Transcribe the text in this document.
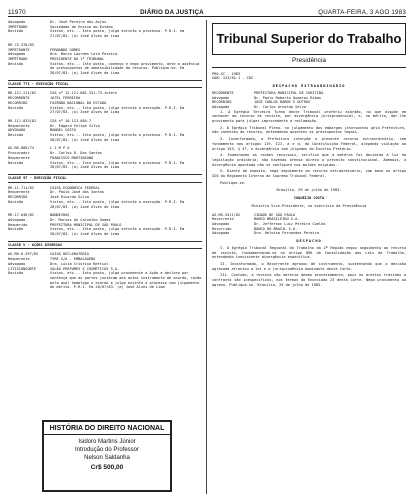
11970	DIÁRIO DA JUSTIÇA	QUARTA-FEIRA, 3 AGO 1983
Advogado	Dr. José Pereira dos Anjos
IMPETRADO	Sociedade de Ensino do Estado
Decisão	Vistos, etc... Isto posto, julgo extinto o processo. P.R.I. em 27/07/83. (a) José Alves de Lima
RR-72-378/83
IMPETRANTE	FERNANDO GOMES
Advogado	Dra. Maria Lourdes Lara Pereira
IMPETRADO	PRESIDENTE DO 1º TRIBUNAL
Decisão	Vistos, etc... Isto posto, conheço e nego provimento, ante a ausência de pressupostos de admissibilidade do recurso. Publique-se. Em 28/07/83. (a) José Alves de Lima
CLASSE 77I - EXECUÇÃO FISCAL
RR-121.211/82	CGA nº 12.121.881.331.73-intern
RECORRENTE	JATEL FERREIRA
RECORRIDO	FAZENDA NACIONAL DO ESTADO
Decisão	Vistos, etc... Isto posto, julgo extinta a execução. P.R.I. Em 27/07/83. (a) José Alves de Lima
RR-111.033/82	CGA nº 10.113.084-7
Requerente	Dr. Edgard Felipe Silva
ADVOGADO	MANOEL COSTA
Decisão	Vistos, etc... Isto posto, julgo extinto o processo. P.R.I. Em 28/07/83. (a) José Alves de Lima
AG-RR-888/74	L I M P O
Procurador	Dr. Carlos R. Dos Santos
Requerente	FRANCISCO MARTINIANO
Decisão	Vistos, etc... Isto posto, julgo extinto o processo. P.R.I. Em 28/07/83. (a) José Alves de Lima
CLASSE 97 - EXECUÇÃO FISCAL
RR-11.711/82	CAIXA ECONÔMICA FEDERAL
Requerente	Dr. Paulo José dos Santos
RECORRIDO	José Ricardo Silva
Decisão	Vistos, etc... Isto posto, julgo extinta a execução. P.R.I. Em 28/07/83. (a) José Alves de Lima
RR-17.646/81	BANDEIRAS
Advogado	Dr. Marcos de Carvalho Gomes
Requerido	PREFEITURA MUNICIPAL DE SÃO PAULO
Decisão	Vistos, etc... Isto posto, julgo extinta a execução. P.R.I. Em 28/07/83. (a) José Alves de Lima
CLASSE V - AÇÕES DIVERSAS
AG-RR-8.397/82	CAIXA DECLARATÓRIA
Requerente	TYRE S/A - EMBALAGENS
Advogado	Dra. Lúcia Cristina Bettiol
LITISCONSORTE	SALÃO PERFUMES E COSMÉTICOS S.A.
Decisão	Vistos, etc... Isto posto, julgo procedente a Ação e declaro por sentença que as partes juntaram aos autos instrumento de acordo, razão pela qual homologo o acordo e julgo extinto o processo com julgamento de mérito. P.R.I. Em 28/07/83. (a) José Alves de Lima
Tribunal Superior do Trabalho
Presidência
PRO-SC - 1983
GAB: 123/82-1 - CDC
DESPACHO EXTRAORDINÁRIO
RECORRENTE	PREFEITURA MUNICIPAL DE CURITIBA
Advogado	Dr. Paulo Roberto Quadros Ribas
RECORRIDO	JOSÉ CARLOS RAMOS E OUTROS
Advogado	Dr. Carlos Arnaldo Selva
1. A Egrégia Terceira Turma deste Tribunal proferiu acórdão, no que dispõe em conhecer do recurso de revista, por divergência jurisprudencial, e, no mérito, dar-lhe provimento para julgar improcedente a reclamação.
2. O Egrégio Tribunal Pleno, no julgamento dos embargos interpostos pela Prefeitura, não conheceu do recurso, entendendo ausentes os pressupostos legais.
3. Inconformada, a Prefeitura interpõe o presente recurso extraordinário, com fundamento nos artigos 119, III, a e d, da Constituição Federal, alegando violação ao artigo 153, § 4º, e divergência com julgados do Excelso Pretório.
4. Examinando as razões recursais, verifico que a matéria foi decidida à luz da legislação ordinária, não havendo ofensa direta a preceito constitucional. Ademais, a divergência apontada não se configura nos moldes exigidos.
5. Diante do exposto, nego seguimento ao recurso extraordinário, com base no artigo 326 do Regimento Interno do Supremo Tribunal Federal.
Publique-se.
Brasília, 29 de julho de 1983.
COQUEIJO COSTA
Ministro Vice-Presidente, no exercício da Presidência
AG-RR-3411/82	CIDADE DE SÃO PAULO
Recorrente	BANCO BRASILEIRO S.A.
Advogado	Dr. Jefferson Luiz Pereira Coelho
Recorrido	BANCO DO BRASIL S.A.
Advogado	Dra. Heloísa Fernandes Pereira
DESPACHO
I. O Egrégio Tribunal Regional do Trabalho da 2ª Região negou seguimento ao recurso de revista, fundamentando-se no artigo 896 da Consolidação das Leis do Trabalho, entendendo inexistente divergência específica.
II. Inconformado, o Recorrente agravou de instrumento, sustentando que a decisão agravada afrontou a lei e a jurisprudência dominante desta Corte.
III. Contudo, a revista não merecia mesmo processamento, pois os arestos trazidos a confronto são inespecíficos, nos termos do Enunciado 23 desta Corte. Nego provimento ao agravo. Publique-se. Brasília, 29 de julho de 1983.
HISTÓRIA DO DIREITO NACIONAL
Isidoro Martins Júnior
Introdução do Professor
Nelson Saldanha
Cr$ 500,00
